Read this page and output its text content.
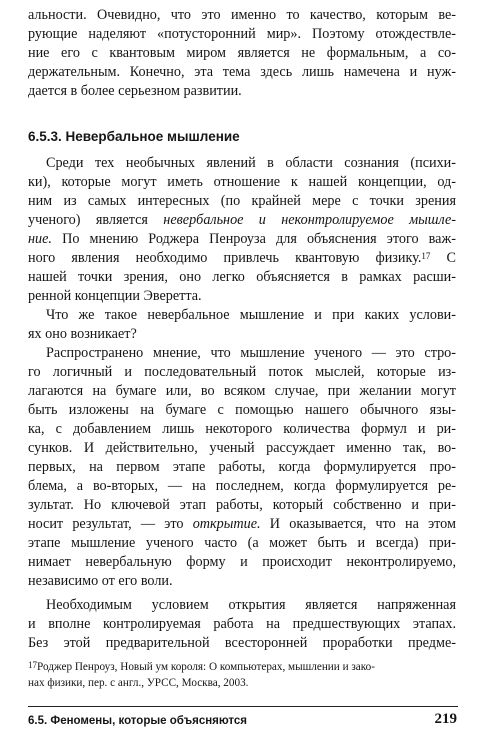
альности. Очевидно, что это именно то качество, которым ве-
рующие наделяют «потусторонний мир». Поэтому отождествле-
ние его с квантовым миром является не формальным, а со-
держательным. Конечно, эта тема здесь лишь намечена и нуж-
дается в более серьезном развитии.
Среди тех необычных явлений в области сознания (психи-
ки), которые могут иметь отношение к нашей концепции, од-
ним из самых интересных (по крайней мере с точки зрения
ученого) является невербальное и неконтролируемое мышле-
ние. По мнению Роджера Пенроуза для объяснения этого важ-
ного явления необходимо привлечь квантовую физику.$^{17}$ С
нашей точки зрения, оно легко объясняется в рамках расши-
ренной концепции Эверетта.
Что же такое невербальное мышление и при каких услови-
ях оно возникает?
Распространено мнение, что мышление ученого — это стро-
го логичный и последовательный поток мыслей, которые из-
лагаются на бумаге или, во всяком случае, при желании могут
быть изложены на бумаге с помощью нашего обычного язы-
ка, с добавлением лишь некоторого количества формул и ри-
сунков. И действительно, ученый рассуждает именно так, во-
первых, на первом этапе работы, когда формулируется про-
блема, а во-вторых, — на последнем, когда формулируется ре-
зультат. Но ключевой этап работы, который собственно и при-
носит результат, — это открытие. И оказывается, что на этом
этапе мышление ученого часто (а может быть и всегда) при-
нимает невербальную форму и происходит неконтролируемо,
независимо от его воли.
Необходимым условием открытия является напряженная
и вполне контролируемая работа на предшествующих этапах.
Без этой предварительной всесторонней проработки предме-
6.5.3. Невербальное мышление
$^{17}$Роджер Пенроуз, Новый ум короля: О компьютерах, мышлении и зако-
нах физики, пер. с англ., УРСС, Москва, 2003.
6.5. Феномены, которые объясняются	219
